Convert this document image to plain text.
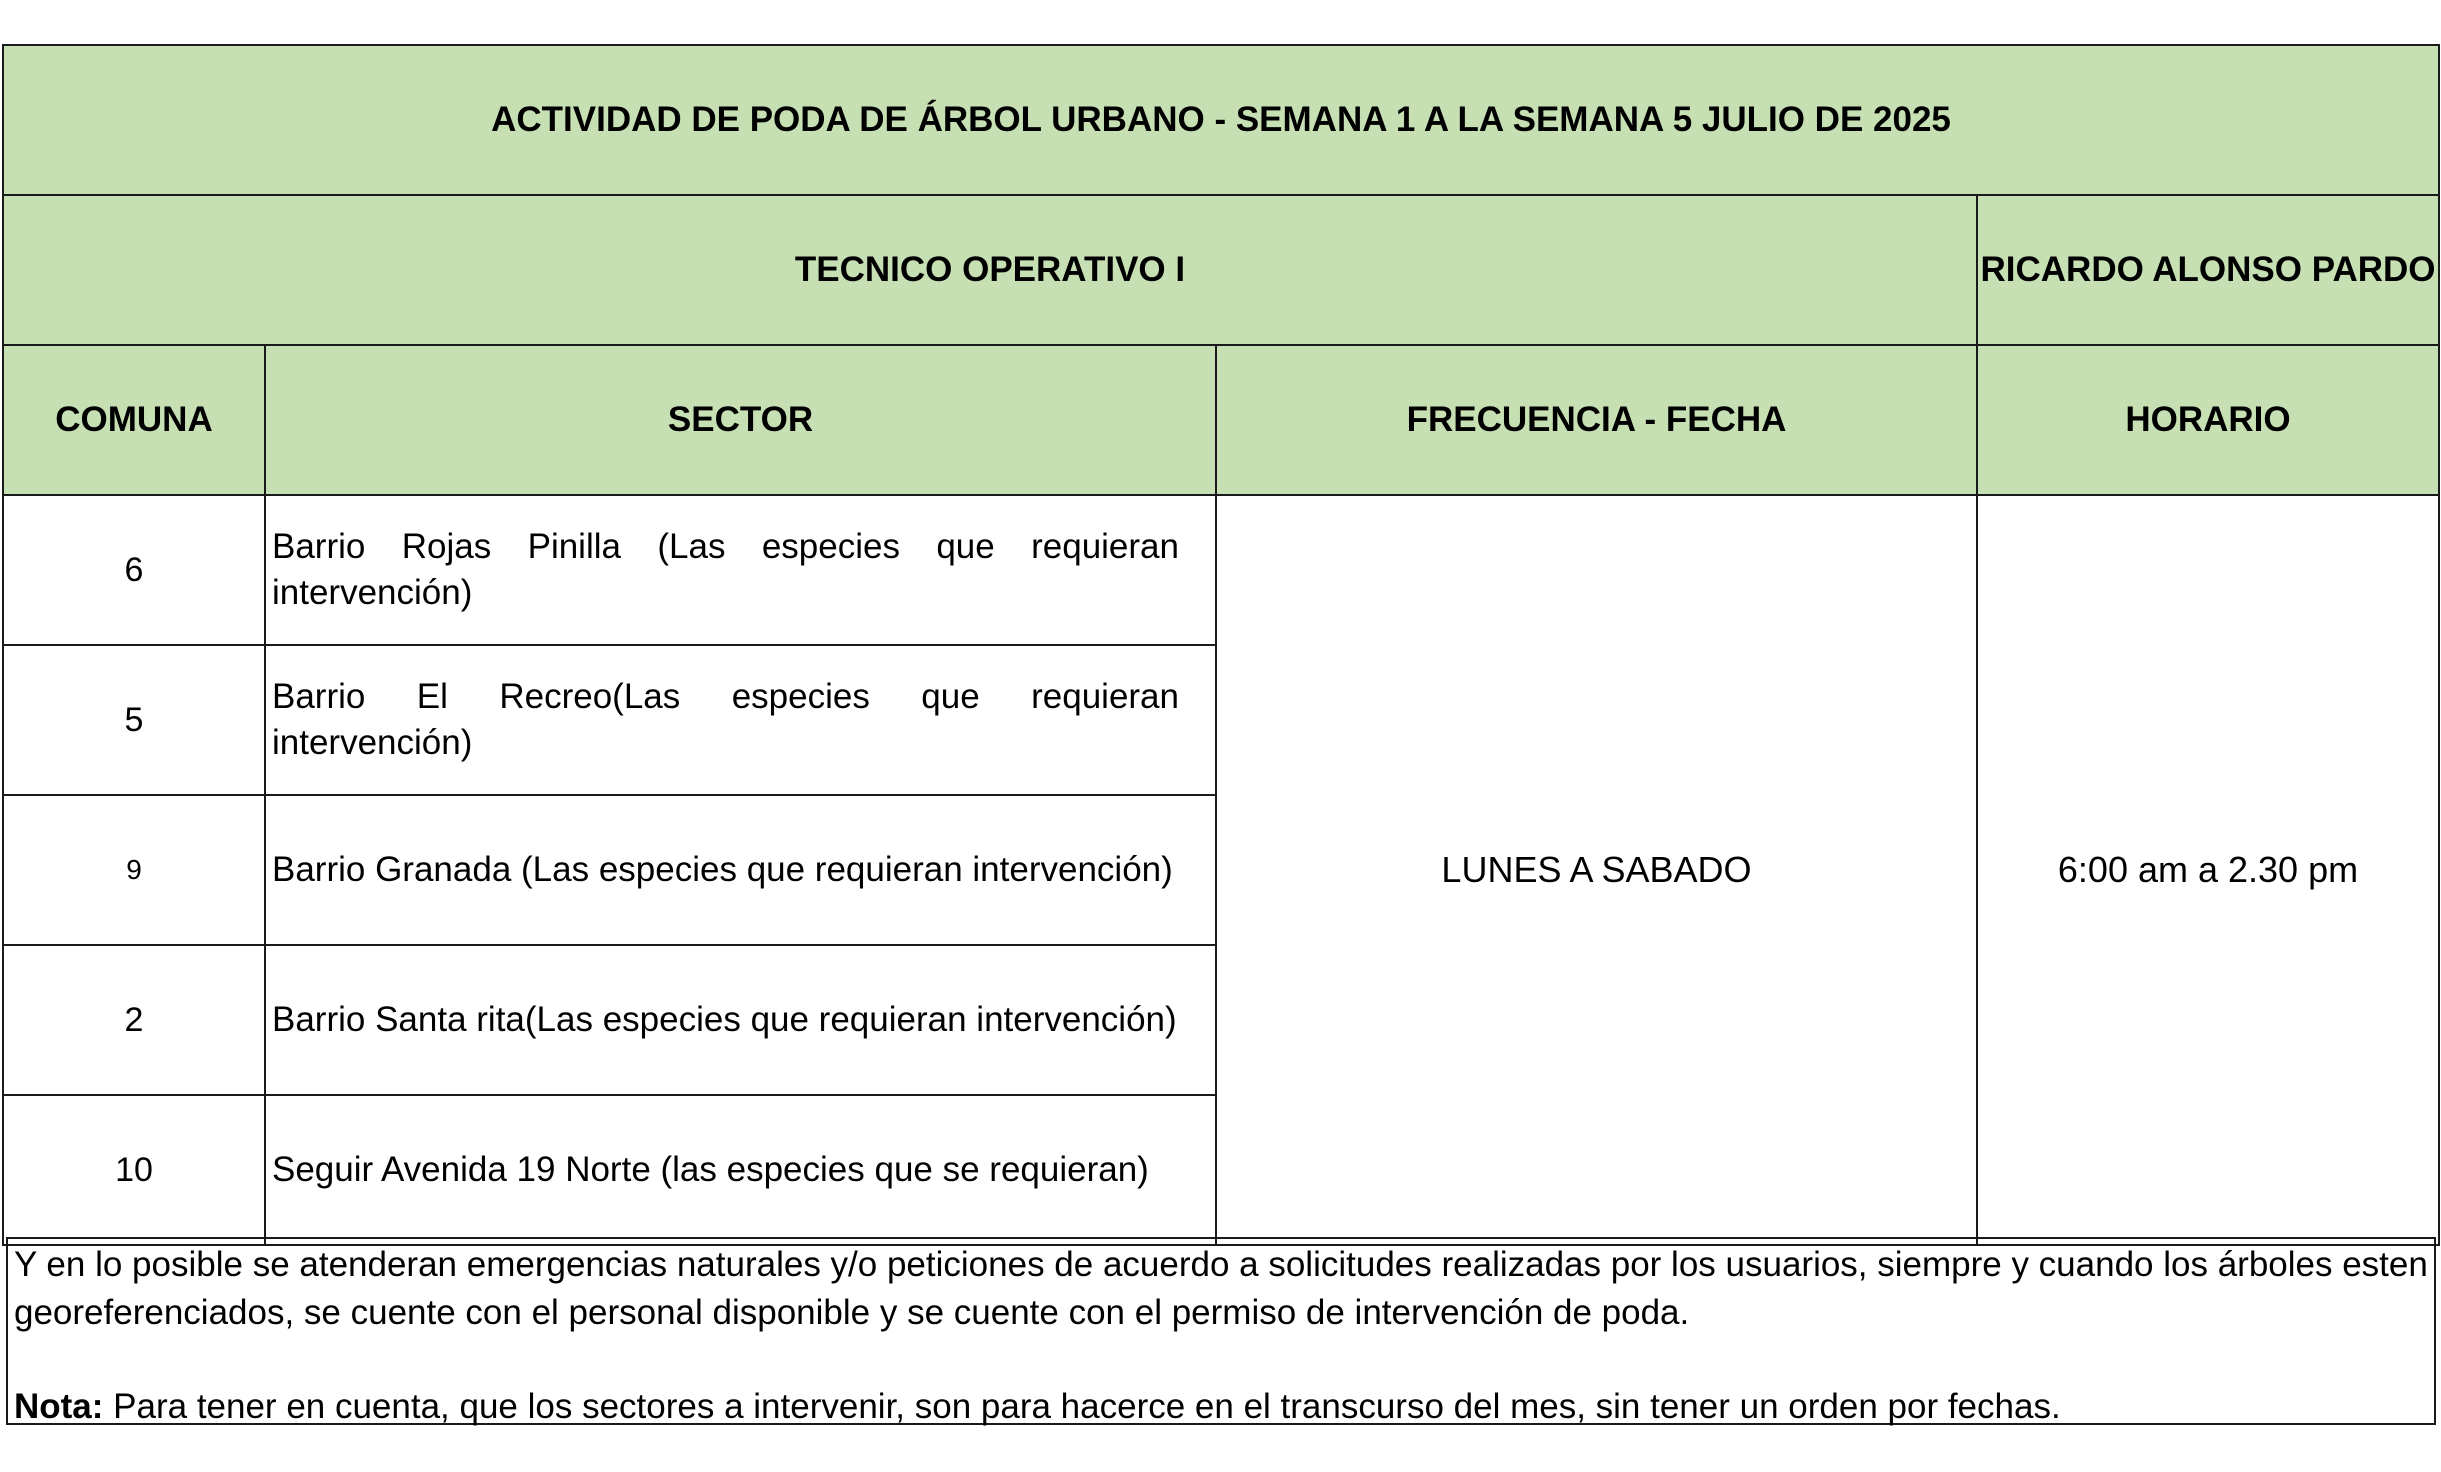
ACTIVIDAD DE PODA DE ÁRBOL URBANO - SEMANA 1 A LA SEMANA 5 JULIO DE 2025			
TECNICO OPERATIVO I			RICARDO ALONSO PARDO
COMUNA	SECTOR	FRECUENCIA - FECHA	HORARIO
6	Barrio Rojas Pinilla (Las especies que requieran intervención)	LUNES A SABADO	6:00 am a 2.30 pm
5	Barrio El Recreo(Las especies que requieran intervención)		
9	Barrio Granada (Las especies que requieran intervención)		
2	Barrio Santa rita(Las especies que requieran intervención)		
10	Seguir Avenida 19 Norte (las especies que se requieran)		

Y en lo posible se atenderan emergencias naturales y/o peticiones de acuerdo a solicitudes realizadas por los usuarios, siempre y cuando los árboles esten georeferenciados, se cuente con el personal disponible y se cuente con el permiso de intervención de poda.

Nota: Para tener en cuenta, que los sectores a intervenir, son para hacerce en el transcurso del mes, sin tener un orden por fechas.
